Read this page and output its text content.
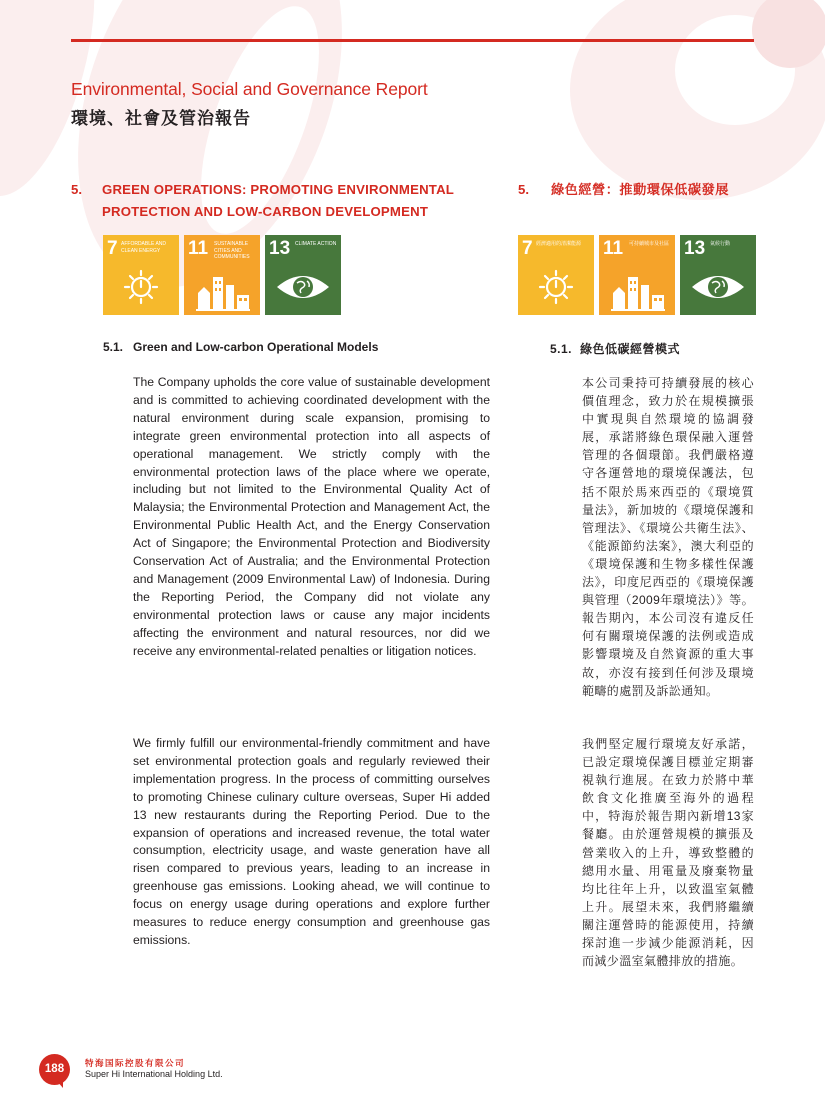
Environmental, Social and Governance Report
環境、社會及管治報告
5. GREEN OPERATIONS: PROMOTING ENVIRONMENTAL PROTECTION AND LOW-CARBON DEVELOPMENT
5. 綠色經營：推動環保低碳發展
7 AFFORDABLE AND CLEAN ENERGY	11 SUSTAINABLE CITIES AND COMMUNITIES	13 CLIMATE ACTION	7 經濟適用的清潔能源	11 可持續城市及社區 13 氣候行動
5.1. Green and Low-carbon Operational Models	5.1. 綠色低碳經營模式

The Company upholds the core value of sustainable development and is committed to achieving coordinated development with the natural environment during scale expansion, promising to integrate green environmental protection into all aspects of operational management. We strictly comply with the environmental protection laws of the place where we operate, including but not limited to the Environmental Quality Act of Malaysia; the Environmental Protection and Management Act, the Environmental Public Health Act, and the Energy Conservation Act of Singapore; the Environmental Protection and Biodiversity Conservation Act of Australia; and the Environmental Protection and Management (2009 Environmental Law) of Indonesia. During the Reporting Period, the Company did not violate any environmental protection laws or cause any major incidents affecting the environment and natural resources, nor did we receive any environmental-related penalties or litigation notices.

We firmly fulfill our environmental-friendly commitment and have set environmental protection goals and regularly reviewed their implementation progress. In the process of committing ourselves to promoting Chinese culinary culture overseas, Super Hi added 13 new restaurants during the Reporting Period. Due to the expansion of operations and increased revenue, the total water consumption, electricity usage, and waste generation have all risen compared to previous years, leading to an increase in greenhouse gas emissions. Looking ahead, we will continue to focus on energy usage during operations and explore further measures to reduce energy consumption and greenhouse gas emissions.

本公司秉持可持續發展的核心價值理念，致力於在規模擴張中實現與自然環境的協調發展，承諾將綠色環保融入運營管理的各個環節。我們嚴格遵守各運營地的環境保護法，包括不限於馬來西亞的《環境質量法》，新加坡的《環境保護和管理法》、《環境公共衛生法》、《能源節約法案》，澳大利亞的《環境保護和生物多樣性保護法》，印度尼西亞的《環境保護與管理（2009年環境法）》等。報告期內，本公司沒有違反任何有關環境保護的法例或造成影響環境及自然資源的重大事故，亦沒有接到任何涉及環境範疇的處罰及訴訟通知。

我們堅定履行環境友好承諾，已設定環境保護目標並定期審視執行進展。在致力於將中華飲食文化推廣至海外的過程中，特海於報告期內新增13家餐廳。由於運營規模的擴張及營業收入的上升，導致整體的總用水量、用電量及廢棄物量均比往年上升，以致溫室氣體上升。展望未來，我們將繼續關注運營時的能源使用，持續探討進一步減少能源消耗，因而減少溫室氣體排放的措施。

188	特海国际控股有限公司
Super Hi International Holding Ltd.
